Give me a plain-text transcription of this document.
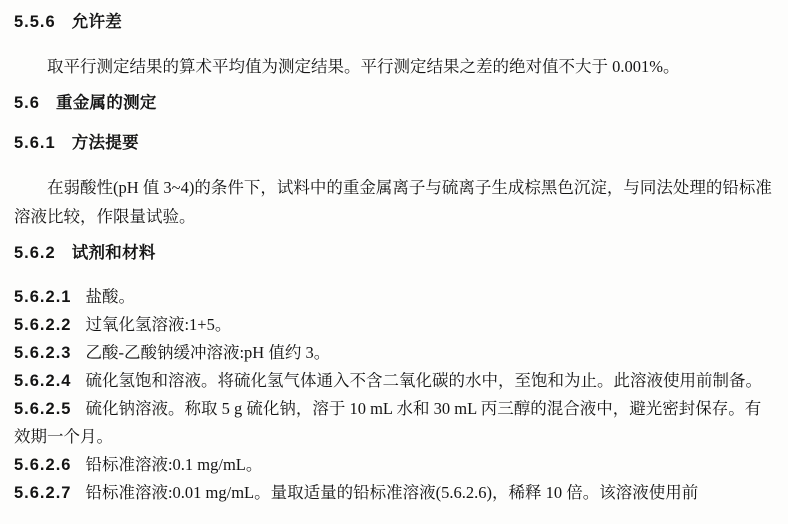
5.5.6 允许差

取平行测定结果的算术平均值为测定结果。平行测定结果之差的绝对值不大于 0.001%。

5.6 重金属的测定

5.6.1 方法提要

在弱酸性(pH 值 3~4)的条件下，试料中的重金属离子与硫离子生成棕黑色沉淀，与同法处理的铅标准溶液比较，作限量试验。

5.6.2 试剂和材料

5.6.2.1 盐酸。

5.6.2.2 过氧化氢溶液:1+5。

5.6.2.3 乙酸-乙酸钠缓冲溶液:pH 值约 3。

5.6.2.4 硫化氢饱和溶液。将硫化氢气体通入不含二氧化碳的水中，至饱和为止。此溶液使用前制备。

5.6.2.5 硫化钠溶液。称取 5 g 硫化钠，溶于 10 mL 水和 30 mL 丙三醇的混合液中，避光密封保存。有效期一个月。

5.6.2.6 铅标准溶液:0.1 mg/mL。

5.6.2.7 铅标准溶液:0.01 mg/mL。量取适量的铅标准溶液(5.6.2.6)，稀释 10 倍。该溶液使用前
